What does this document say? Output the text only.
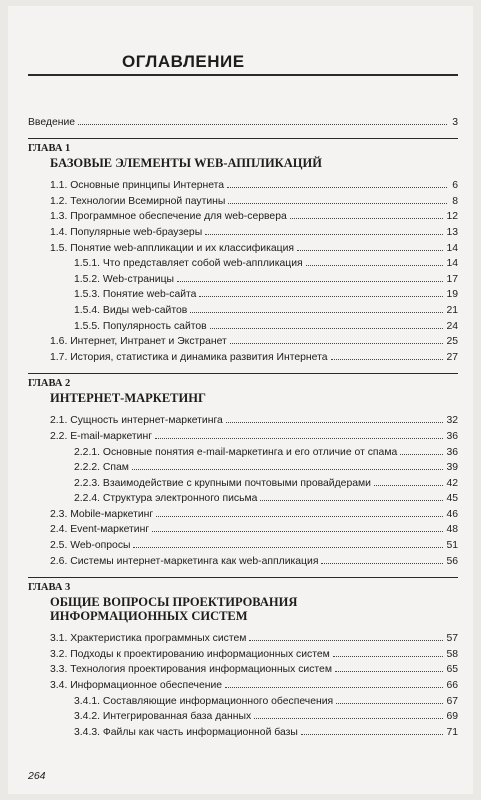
ОГЛАВЛЕНИЕ
Введение	3
ГЛАВА 1
БАЗОВЫЕ ЭЛЕМЕНТЫ WEB-АППЛИКАЦИЙ
1.1. Основные принципы Интернета	6
1.2. Технологии Всемирной паутины	8
1.3. Программное обеспечение для web-сервера	12
1.4. Популярные web-браузеры	13
1.5. Понятие web-аппликации и их классификация	14
1.5.1. Что представляет собой web-аппликация	14
1.5.2. Web-страницы	17
1.5.3. Понятие web-сайта	19
1.5.4. Виды web-сайтов	21
1.5.5. Популярность сайтов	24
1.6. Интернет, Интранет и Экстранет	25
1.7. История, статистика и динамика развития Интернета	27
ГЛАВА 2
ИНТЕРНЕТ-МАРКЕТИНГ
2.1. Сущность интернет-маркетинга	32
2.2. E-mail-маркетинг	36
2.2.1. Основные понятия e-mail-маркетинга и его отличие от спама	36
2.2.2. Спам	39
2.2.3. Взаимодействие с крупными почтовыми провайдерами	42
2.2.4. Структура электронного письма	45
2.3. Mobile-маркетинг	46
2.4. Event-маркетинг	48
2.5. Web-опросы	51
2.6. Системы интернет-маркетинга как web-аппликация	56
ГЛАВА 3
ОБЩИЕ ВОПРОСЫ ПРОЕКТИРОВАНИЯ
ИНФОРМАЦИОННЫХ СИСТЕМ
3.1. Храктеристика программных систем	57
3.2. Подходы к проектированию информационных систем	58
3.3. Технология проектирования информационных систем	65
3.4. Информационное обеспечение	66
3.4.1. Составляющие информационного обеспечения	67
3.4.2. Интегрированная база данных	69
3.4.3. Файлы как часть информационной базы	71
264
